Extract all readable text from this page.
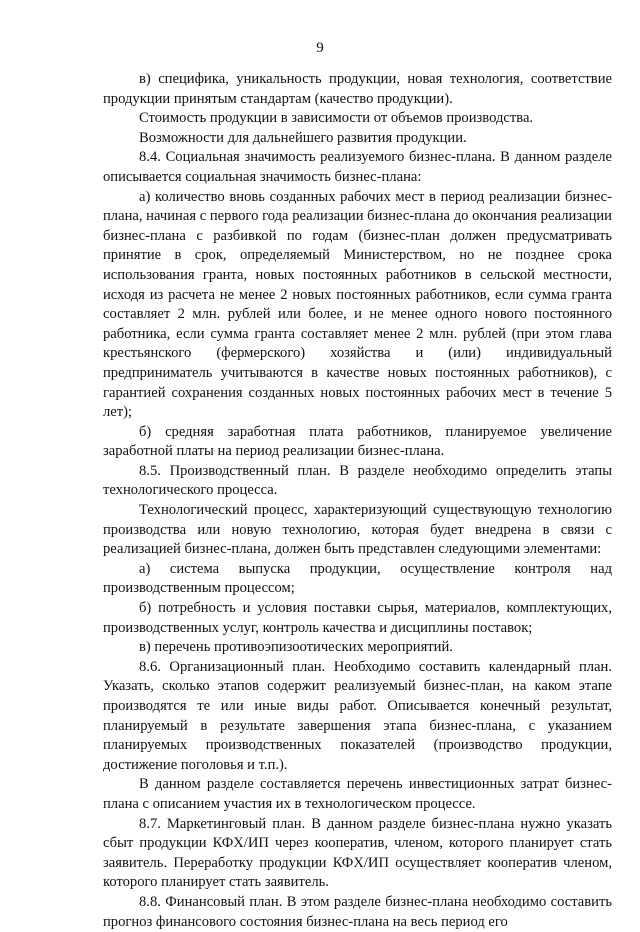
9

в) специфика, уникальность продукции, новая технология, соответствие продукции принятым стандартам (качество продукции).

Стоимость продукции в зависимости от объемов производства.

Возможности для дальнейшего развития продукции.

8.4. Социальная значимость реализуемого бизнес-плана. В данном разделе описывается социальная значимость бизнес-плана:

а) количество вновь созданных рабочих мест в период реализации бизнес-плана, начиная с первого года реализации бизнес-плана до окончания реализации бизнес-плана с разбивкой по годам (бизнес-план должен предусматривать принятие в срок, определяемый Министерством, но не позднее срока использования гранта, новых постоянных работников в сельской местности, исходя из расчета не менее 2 новых постоянных работников, если сумма гранта составляет 2 млн. рублей или более, и не менее одного нового постоянного работника, если сумма гранта составляет менее 2 млн. рублей (при этом глава крестьянского (фермерского) хозяйства и (или) индивидуальный предприниматель учитываются в качестве новых постоянных работников), с гарантией сохранения созданных новых постоянных рабочих мест в течение 5 лет);

б) средняя заработная плата работников, планируемое увеличение заработной платы на период реализации бизнес-плана.

8.5. Производственный план. В разделе необходимо определить этапы технологического процесса.

Технологический процесс, характеризующий существующую технологию производства или новую технологию, которая будет внедрена в связи с реализацией бизнес-плана, должен быть представлен следующими элементами:

а) система выпуска продукции, осуществление контроля над производственным процессом;

б) потребность и условия поставки сырья, материалов, комплектующих, производственных услуг, контроль качества и дисциплины поставок;

в) перечень противоэпизоотических мероприятий.

8.6. Организационный план. Необходимо составить календарный план. Указать, сколько этапов содержит реализуемый бизнес-план, на каком этапе производятся те или иные виды работ. Описывается конечный результат, планируемый в результате завершения этапа бизнес-плана, с указанием планируемых производственных показателей (производство продукции, достижение поголовья и т.п.).

В данном разделе составляется перечень инвестиционных затрат бизнес-плана с описанием участия их в технологическом процессе.

8.7. Маркетинговый план. В данном разделе бизнес-плана нужно указать сбыт продукции КФХ/ИП через кооператив, членом, которого планирует стать заявитель. Переработку продукции КФХ/ИП осуществляет кооператив членом, которого планирует стать заявитель.

8.8. Финансовый план. В этом разделе бизнес-плана необходимо составить прогноз финансового состояния бизнес-плана на весь период его
